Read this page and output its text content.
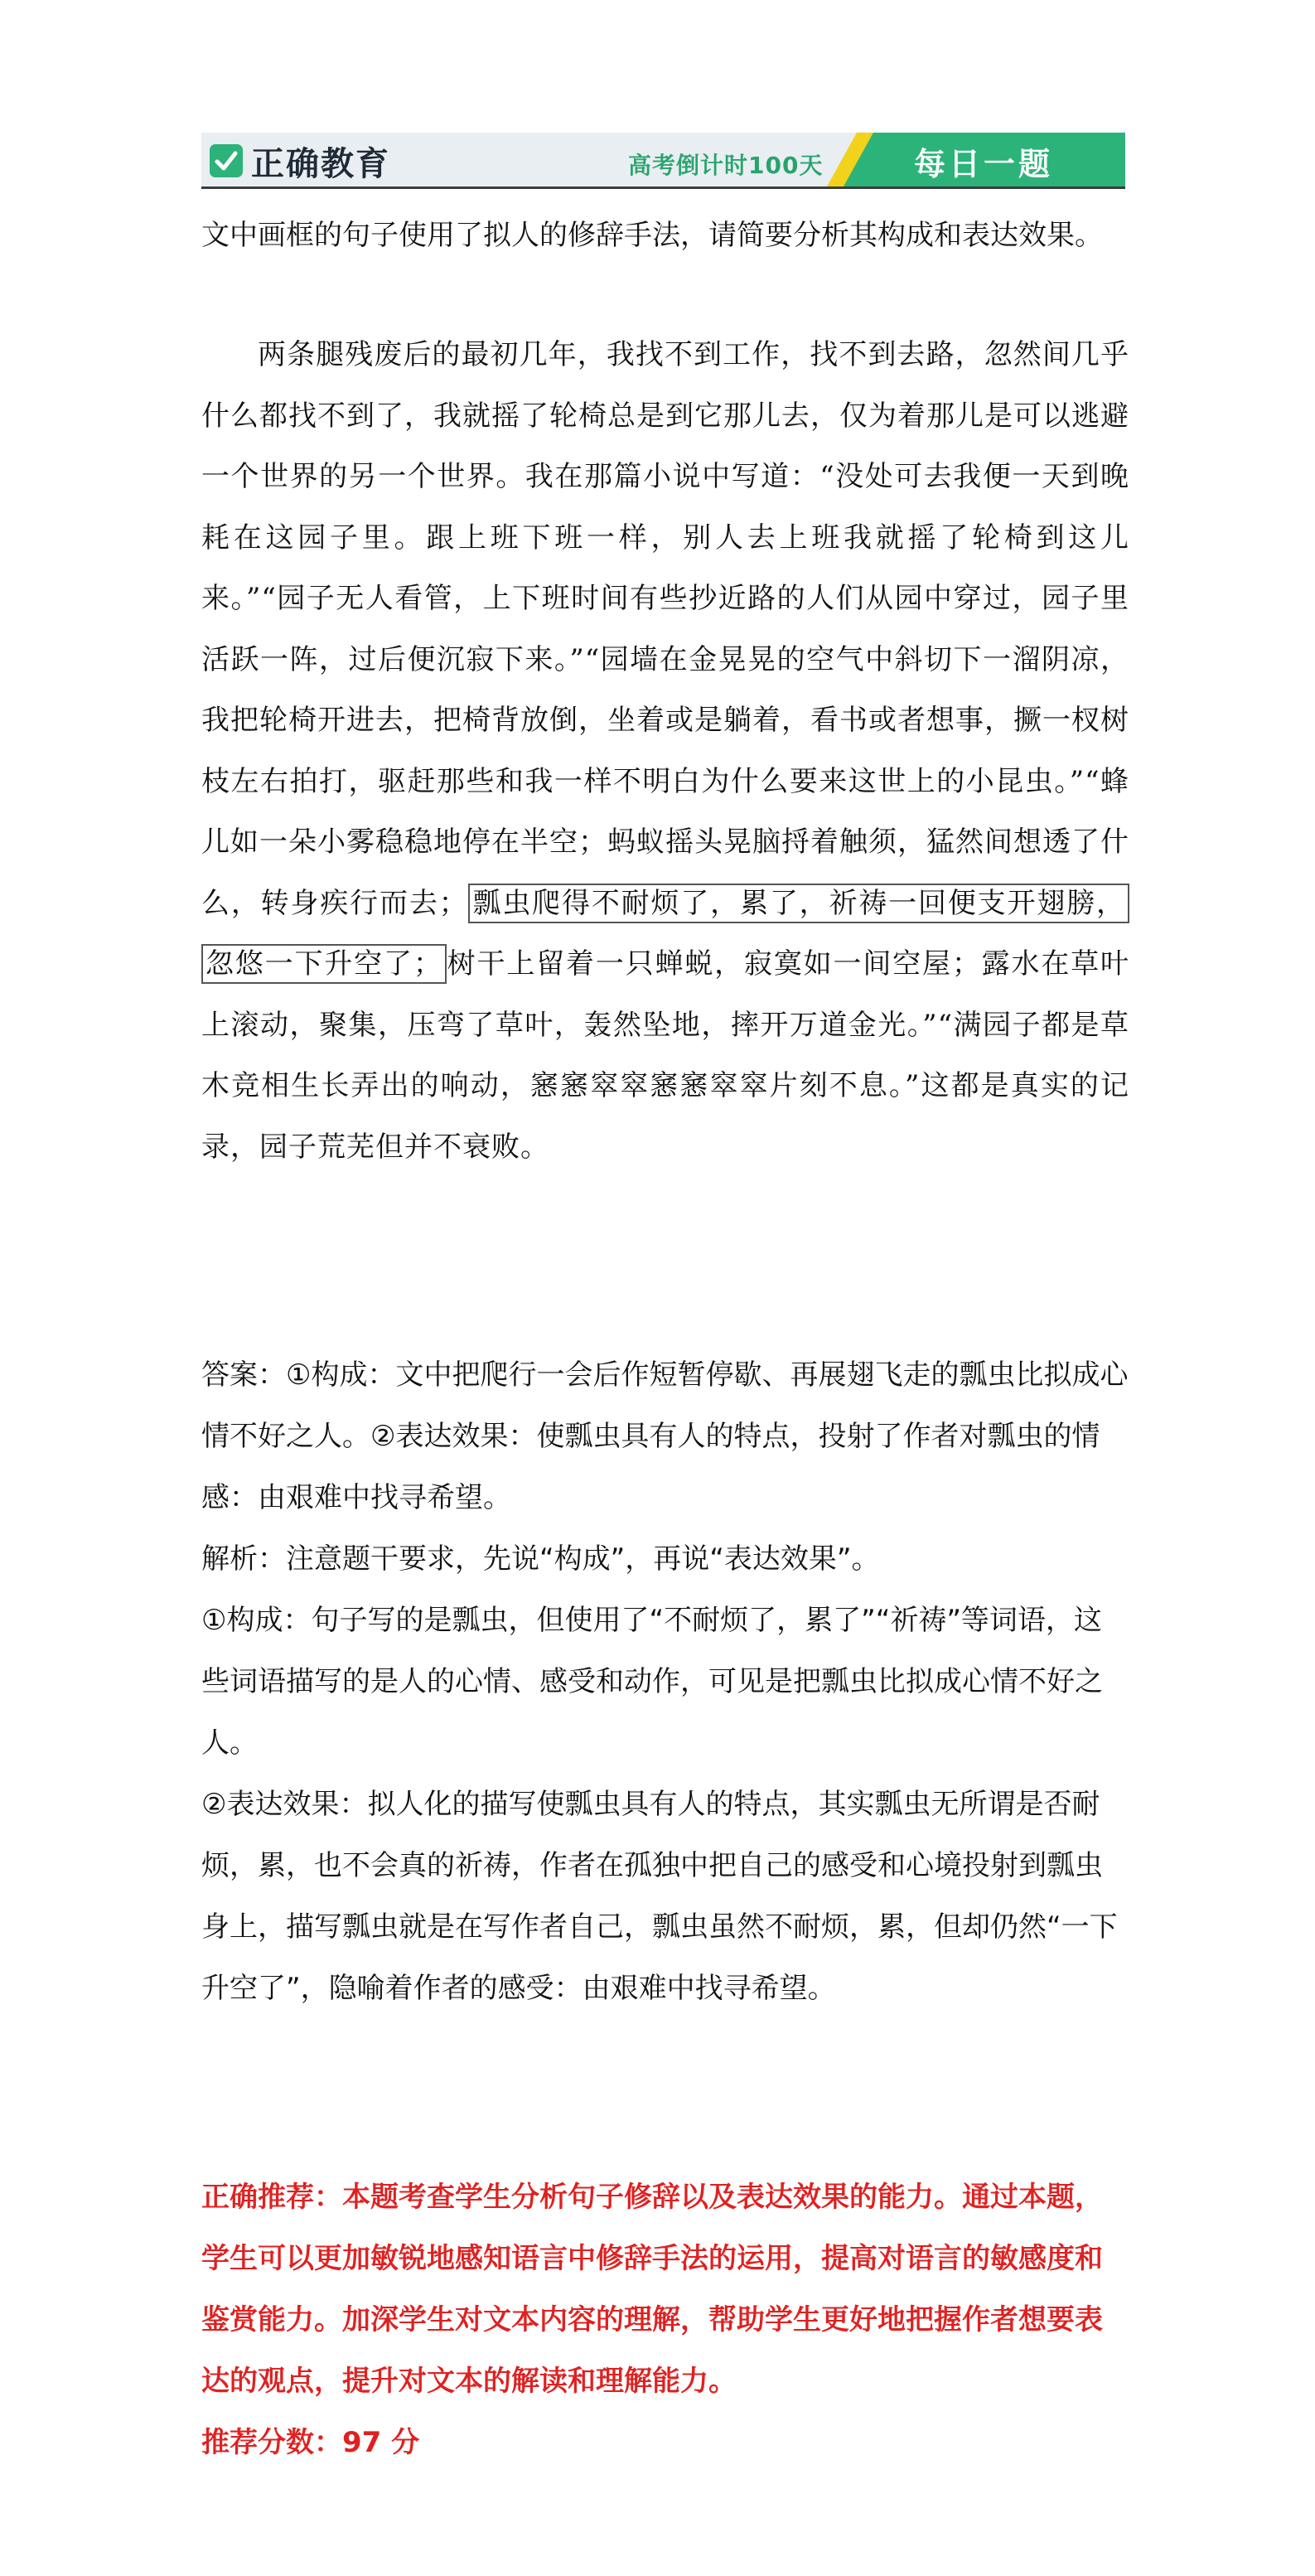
正确教育	高考倒计时100天	每日一题

文中画框的句子使用了拟人的修辞手法，请简要分析其构成和表达效果。

两条腿残废后的最初几年，我找不到工作，找不到去路，忽然间几乎什么都找不到了，我就摇了轮椅总是到它那儿去，仅为着那儿是可以逃避一个世界的另一个世界。我在那篇小说中写道：“没处可去我便一天到晚耗在这园子里。跟上班下班一样，别人去上班我就摇了轮椅到这儿来。”“园子无人看管，上下班时间有些抄近路的人们从园中穿过，园子里活跃一阵，过后便沉寂下来。”“园墙在金晃晃的空气中斜切下一溜阴凉，我把轮椅开进去，把椅背放倒，坐着或是躺着，看书或者想事，撅一杈树枝左右拍打，驱赶那些和我一样不明白为什么要来这世上的小昆虫。”“蜂儿如一朵小雾稳稳地停在半空；蚂蚁摇头晃脑捋着触须，猛然间想透了什么，转身疾行而去； 瓢虫爬得不耐烦了，累了，祈祷一回便支开翅膀，忽悠一下升空了； 树干上留着一只蝉蜕，寂寞如一间空屋；露水在草叶上滚动，聚集，压弯了草叶，轰然坠地，摔开万道金光。”“满园子都是草木竞相生长弄出的响动，窸窸窣窣窸窸窣窣片刻不息。”这都是真实的记录，园子荒芜但并不衰败。

答案：①构成：文中把爬行一会后作短暂停歇、再展翅飞走的瓢虫比拟成心情不好之人。②表达效果：使瓢虫具有人的特点，投射了作者对瓢虫的情感：由艰难中找寻希望。

解析：注意题干要求，先说“构成”，再说“表达效果”。

①构成：句子写的是瓢虫，但使用了“不耐烦了，累了”“祈祷”等词语，这些词语描写的是人的心情、感受和动作，可见是把瓢虫比拟成心情不好之人。

②表达效果：拟人化的描写使瓢虫具有人的特点，其实瓢虫无所谓是否耐烦，累，也不会真的祈祷，作者在孤独中把自己的感受和心境投射到瓢虫身上，描写瓢虫就是在写作者自己，瓢虫虽然不耐烦，累，但却仍然“一下升空了”，隐喻着作者的感受：由艰难中找寻希望。

正确推荐：本题考查学生分析句子修辞以及表达效果的能力。通过本题，学生可以更加敏锐地感知语言中修辞手法的运用，提高对语言的敏感度和鉴赏能力。加深学生对文本内容的理解，帮助学生更好地把握作者想要表达的观点，提升对文本的解读和理解能力。

推荐分数：97 分
